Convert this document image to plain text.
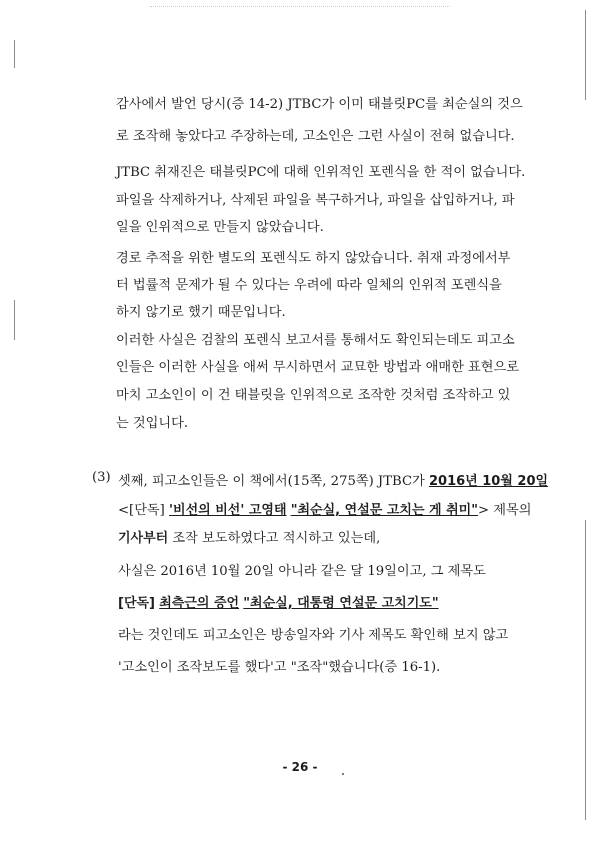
감사에서 발언 당시(증 14-2) JTBC가 이미 태블릿PC를 최순실의 것으
로 조작해 놓았다고 주장하는데, 고소인은 그런 사실이 전혀 없습니다.
JTBC 취재진은 태블릿PC에 대해 인위적인 포렌식을 한 적이 없습니다.
파일을 삭제하거나, 삭제된 파일을 복구하거나, 파일을 삽입하거나, 파
일을 인위적으로 만들지 않았습니다.
경로 추적을 위한 별도의 포렌식도 하지 않았습니다. 취재 과정에서부
터 법률적 문제가 될 수 있다는 우려에 따라 일체의 인위적 포렌식을
하지 않기로 했기 때문입니다.
이러한 사실은 검찰의 포렌식 보고서를 통해서도 확인되는데도 피고소
인들은 이러한 사실을 애써 무시하면서 교묘한 방법과 애매한 표현으로
마치 고소인이 이 건 태블릿을 인위적으로 조작한 것처럼 조작하고 있
는 것입니다.
(3) 셋째, 피고소인들은 이 책에서(15쪽, 275쪽) JTBC가 2016년 10월 20일
<[단독] '비선의 비선' 고영태 "최순실, 연설문 고치는 게 취미"> 제목의
기사부터 조작 보도하였다고 적시하고 있는데,
사실은 2016년 10월 20일 아니라 같은 달 19일이고, 그 제목도
[단독] 최측근의 증언 "최순실, 대통령 연설문 고치기도"
라는 것인데도 피고소인은 방송일자와 기사 제목도 확인해 보지 않고
'고소인이 조작보도를 했다'고 "조작"했습니다(증 16-1).
- 26 -
